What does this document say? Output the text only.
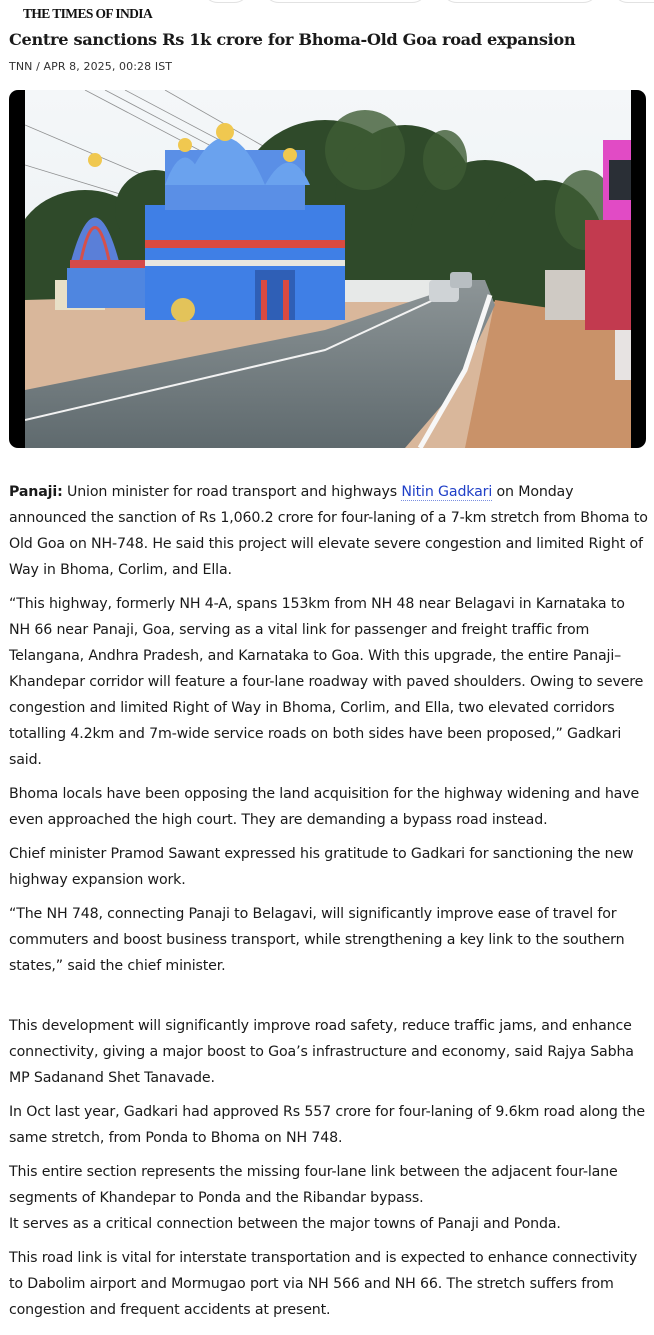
THE TIMES OF INDIA
Centre sanctions Rs 1k crore for Bhoma-Old Goa road expansion
TNN / APR 8, 2025, 00:28 IST

Panaji: Union minister for road transport and highways Nitin Gadkari on Monday announced the sanction of Rs 1,060.2 crore for four-laning of a 7-km stretch from Bhoma to Old Goa on NH-748. He said this project will elevate severe congestion and limited Right of Way in Bhoma, Corlim, and Ella.

“This highway, formerly NH 4-A, spans 153km from NH 48 near Belagavi in Karnataka to NH 66 near Panaji, Goa, serving as a vital link for passenger and freight traffic from Telangana, Andhra Pradesh, and Karnataka to Goa. With this upgrade, the entire Panaji–Khandepar corridor will feature a four-lane roadway with paved shoulders. Owing to severe congestion and limited Right of Way in Bhoma, Corlim, and Ella, two elevated corridors totalling 4.2km and 7m-wide service roads on both sides have been proposed,” Gadkari said.

Bhoma locals have been opposing the land acquisition for the highway widening and have even approached the high court. They are demanding a bypass road instead.

Chief minister Pramod Sawant expressed his gratitude to Gadkari for sanctioning the new highway expansion work.

“The NH 748, connecting Panaji to Belagavi, will significantly improve ease of travel for commuters and boost business transport, while strengthening a key link to the southern states,” said the chief minister.

This development will significantly improve road safety, reduce traffic jams, and enhance connectivity, giving a major boost to Goa’s infrastructure and economy, said Rajya Sabha MP Sadanand Shet Tanavade.

In Oct last year, Gadkari had approved Rs 557 crore for four-laning of 9.6km road along the same stretch, from Ponda to Bhoma on NH 748.

This entire section represents the missing four-lane link between the adjacent four-lane segments of Khandepar to Ponda and the Ribandar bypass.
It serves as a critical connection between the major towns of Panaji and Ponda.

This road link is vital for interstate transportation and is expected to enhance connectivity to Dabolim airport and Mormugao port via NH 566 and NH 66. The stretch suffers from congestion and frequent accidents at present.
